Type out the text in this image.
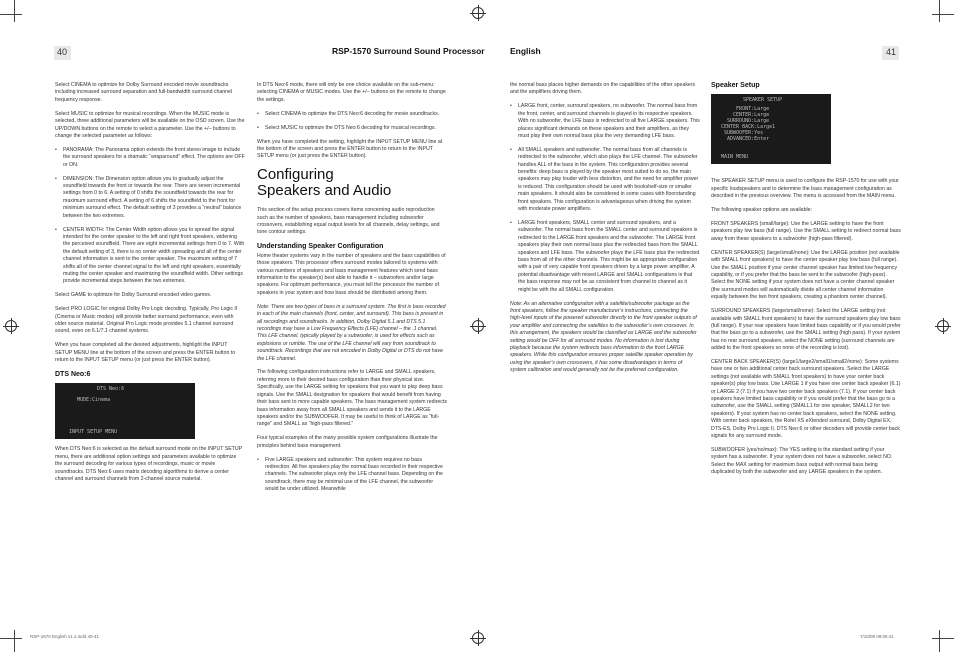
40	RSP-1570 Surround Sound Processor	English	41

Select CINEMA to optimize for Dolby Surround encoded movie soundtracks including increased surround separation and full-bandwidth surround channel frequency response.

Select MUSIC to optimize for musical recordings. When the MUSIC mode is selected, three additional parameters will be available on the OSD screen. Use the UP/DOWN buttons on the remote to select a parameter. Use the +/– buttons to change the selected parameter as follows:

• PANORAMA: The Panorama option extends the front stereo image to include the surround speakers for a dramatic “wraparound” effect. The options are OFF or ON.
• DIMENSION: The Dimension option allows you to gradually adjust the soundfield towards the front or towards the rear. There are seven incremental settings from 0 to 6. A setting of 0 shifts the soundfield towards the rear for maximum surround effect. A setting of 6 shifts the soundfield to the front for minimum surround effect. The default setting of 3 provides a “neutral” balance between the two extremes.
• CENTER WIDTH: The Center Width option allows you to spread the signal intended for the center speaker to the left and right front speakers, widening the perceived soundfield. There are eight incremental settings from 0 to 7. With the default setting of 3, there is no center width spreading and all of the center channel information is sent to the center speaker. The maximum setting of 7 shifts all of the center channel signal to the left and right speakers, essentially muting the center speaker and maximizing the soundfield width. Other settings provide incremental steps between the two extremes.

Select GAME to optimize for Dolby Surround encoded video games.

Select PRO LOGIC for original Dolby Pro Logic decoding. Typically, Pro Logic II (Cinema or Music modes) will provide better surround performance, even with older source material. Original Pro Logic mode provides 5.1 channel surround sound, even on 6.1/7.1 channel systems.

When you have completed all the desired adjustments, highlight the INPUT SETUP MENU line at the bottom of the screen and press the ENTER button to return to the INPUT SETUP menu (or just press the ENTER button).

DTS Neo:6
DTS Neo:6
MODE:Cinema
INPUT SETUP MENU

When DTS Neo:6 is selected as the default surround mode on the INPUT SETUP menu, there are additional option settings and parameters available to optimize the surround decoding for various types of recordings, music or movie soundtracks. DTS Neo:6 uses matrix decoding algorithms to derive a center channel and surround channels from 2-channel source material.

In DTS Neo:6 mode, there will only be one choice available on the sub-menu: selecting CINEMA or MUSIC modes. Use the +/– buttons on the remote to change the settings.

• Select CINEMA to optimize the DTS Neo:6 decoding for movie soundtracks.
• Select MUSIC to optimize the DTS Neo:6 decoding for musical recordings.

When you have completed the setting, highlight the INPUT SETUP MENU line at the bottom of the screen and press the ENTER button to return to the INPUT SETUP menu (or just press the ENTER button).

Configuring
Speakers and Audio

This section of the setup process covers items concerning audio reproduction such as the number of speakers, bass management including subwoofer crossovers, establishing equal output levels for all channels, delay settings, and tone contour settings.

Understanding Speaker Configuration

Home theater systems vary in the number of speakers and the bass capabilities of those speakers. This processor offers surround modes tailored to systems with various numbers of speakers and bass management features which send bass information to the speaker(s) best able to handle it – subwoofers and/or large speakers. For optimum performance, you must tell the processor the number of speakers in your system and how bass should be distributed among them.

Note: There are two types of bass in a surround system. The first is bass recorded in each of the main channels (front, center, and surround). This bass is present in all recordings and soundtracks. In addition, Dolby Digital 5.1 and DTS 5.1 recordings may have a Low Frequency Effects (LFE) channel – the .1 channel. This LFE channel, typically played by a subwoofer, is used for effects such as explosions or rumble. The use of the LFE channel will vary from soundtrack to soundtrack. Recordings that are not encoded in Dolby Digital or DTS do not have the LFE channel.

The following configuration instructions refer to LARGE and SMALL speakers, referring more to their desired bass configuration than their physical size. Specifically, use the LARGE setting for speakers that you want to play deep bass signals. Use the SMALL designation for speakers that would benefit from having their bass sent to more capable speakers. The bass management system redirects bass information away from all SMALL speakers and sends it to the LARGE speakers and/or the SUBWOOFER. It may be useful to think of LARGE as “full-range” and SMALL as “high-pass filtered.”

Four typical examples of the many possible system configurations illustrate the principles behind bass management:

• Five LARGE speakers and subwoofer: This system requires no bass redirection. All five speakers play the normal bass recorded in their respective channels. The subwoofer plays only the LFE channel bass. Depending on the soundtrack, there may be minimal use of the LFE channel, the subwoofer would be under utilized. Meanwhile

the normal bass places higher demands on the capabilities of the other speakers and the amplifiers driving them.

• LARGE front, center, surround speakers, no subwoofer. The normal bass from the front, center, and surround channels is played in its respective speakers. With no subwoofer, the LFE bass is redirected to all five LARGE speakers. This places significant demands on these speakers and their amplifiers, as they must play their own normal bass plus the very demanding LFE bass.
• All SMALL speakers and subwoofer. The normal bass from all channels is redirected to the subwoofer, which also plays the LFE channel. The subwoofer handles ALL of the bass in the system. This configuration provides several benefits: deep bass is played by the speaker most suited to do so, the main speakers may play louder with less distortion, and the need for amplifier power is reduced. This configuration should be used with bookshelf-size or smaller main speakers. It should also be considered in some cases with floorstanding front speakers. This configuration is advantageous when driving the system with moderate power amplifiers.
• LARGE front speakers, SMALL center and surround speakers, and a subwoofer. The normal bass from the SMALL center and surround speakers is redirected to the LARGE front speakers and the subwoofer. The LARGE front speakers play their own normal bass plus the redirected bass from the SMALL speakers and LFE bass. The subwoofer plays the LFE bass plus the redirected bass from all of the other channels. This might be an appropriate configuration with a pair of very capable front speakers driven by a large power amplifier. A potential disadvantage with mixed LARGE and SMALL configurations is that the bass response may not be as consistent from channel to channel as it might be with the all SMALL configuration.

Note: As an alternative configuration with a satellite/subwoofer package as the front speakers, follow the speaker manufacturer’s instructions, connecting the high-level inputs of the powered subwoofer directly to the front speaker outputs of your amplifier and connecting the satellites to the subwoofer’s own crossover. In this arrangement, the speakers would be classified as LARGE and the subwoofer setting would be OFF for all surround modes. No information is lost during playback because the system redirects bass information to the front LARGE speakers. While this configuration ensures proper satellite speaker operation by using the speaker’s own crossovers, it has some disadvantages in terms of system calibration and would generally not be the preferred configuration.

Speaker Setup
SPEAKER SETUP
FRONT:Large
CENTER:Large
SURROUND:Large
CENTER BACK:Large1
SUBWOOFER:Yes
ADVANCED:Enter
MAIN MENU

The SPEAKER SETUP menu is used to configure the RSP-1570 for use with your specific loudspeakers and to determine the bass management configuration as described in the previous overview. The menu is accessed from the MAIN menu.

The following speaker options are available:

FRONT SPEAKERS (small/large): Use the LARGE setting to have the front speakers play low bass (full range). Use the SMALL setting to redirect normal bass away from these speakers to a subwoofer (high-pass filtered).

CENTER SPEAKER(S) (large/small/none): Use the LARGE position (not available with SMALL front speakers) to have the center speaker play low bass (full range). Use the SMALL position if your center channel speaker has limited low frequency capability, or if you prefer that the bass be sent to the subwoofer (high-pass). Select the NONE setting if your system does not have a center channel speaker (the surround modes will automatically divide all center channel information equally between the two front speakers, creating a phantom center channel).

SURROUND SPEAKERS (large/small/none): Select the LARGE setting (not available with SMALL front speakers) to have the surround speakers play low bass (full range). If your rear speakers have limited bass capability or if you would prefer that the bass go to a subwoofer, use the SMALL setting (high pass). If your system has no rear surround speakers, select the NONE setting (surround channels are added to the front speakers so none of the recording is lost).

CENTER BACK SPEAKER(S) (large1/large2/small1/small2/none): Some systems have one or two additional center back surround speakers. Select the LARGE settings (not available with SMALL front speakers) to have your center back speaker(s) play low bass. Use LARGE 1 if you have one center back speaker (6.1) or LARGE 2 (7.1) if you have two center back speakers (7.1). If your center back speakers have limited bass capability or if you would prefer that the bass go to a subwoofer, use the SMALL setting (SMALL1 for one speaker, SMALL2 for two speakers). If your system has no center back speakers, select the NONE setting. With center back speakers, the Rotel XS eXtended surround, Dolby Digital EX, DTS-ES, Dolby Pro Logic II, DTS Neo:6 or other decoders will provide center back signals for any surround mode.

SUBWOOFER (yes/no/max): The YES setting is the standard setting if your system has a subwoofer. If your system does not have a subwoofer, select NO. Select the MAX setting for maximum bass output with normal bass being duplicated by both the subwoofer and any LARGE speakers in the system.

RSP-1570 English v1.2.indd 40-41	7/10/08 09:05:41
